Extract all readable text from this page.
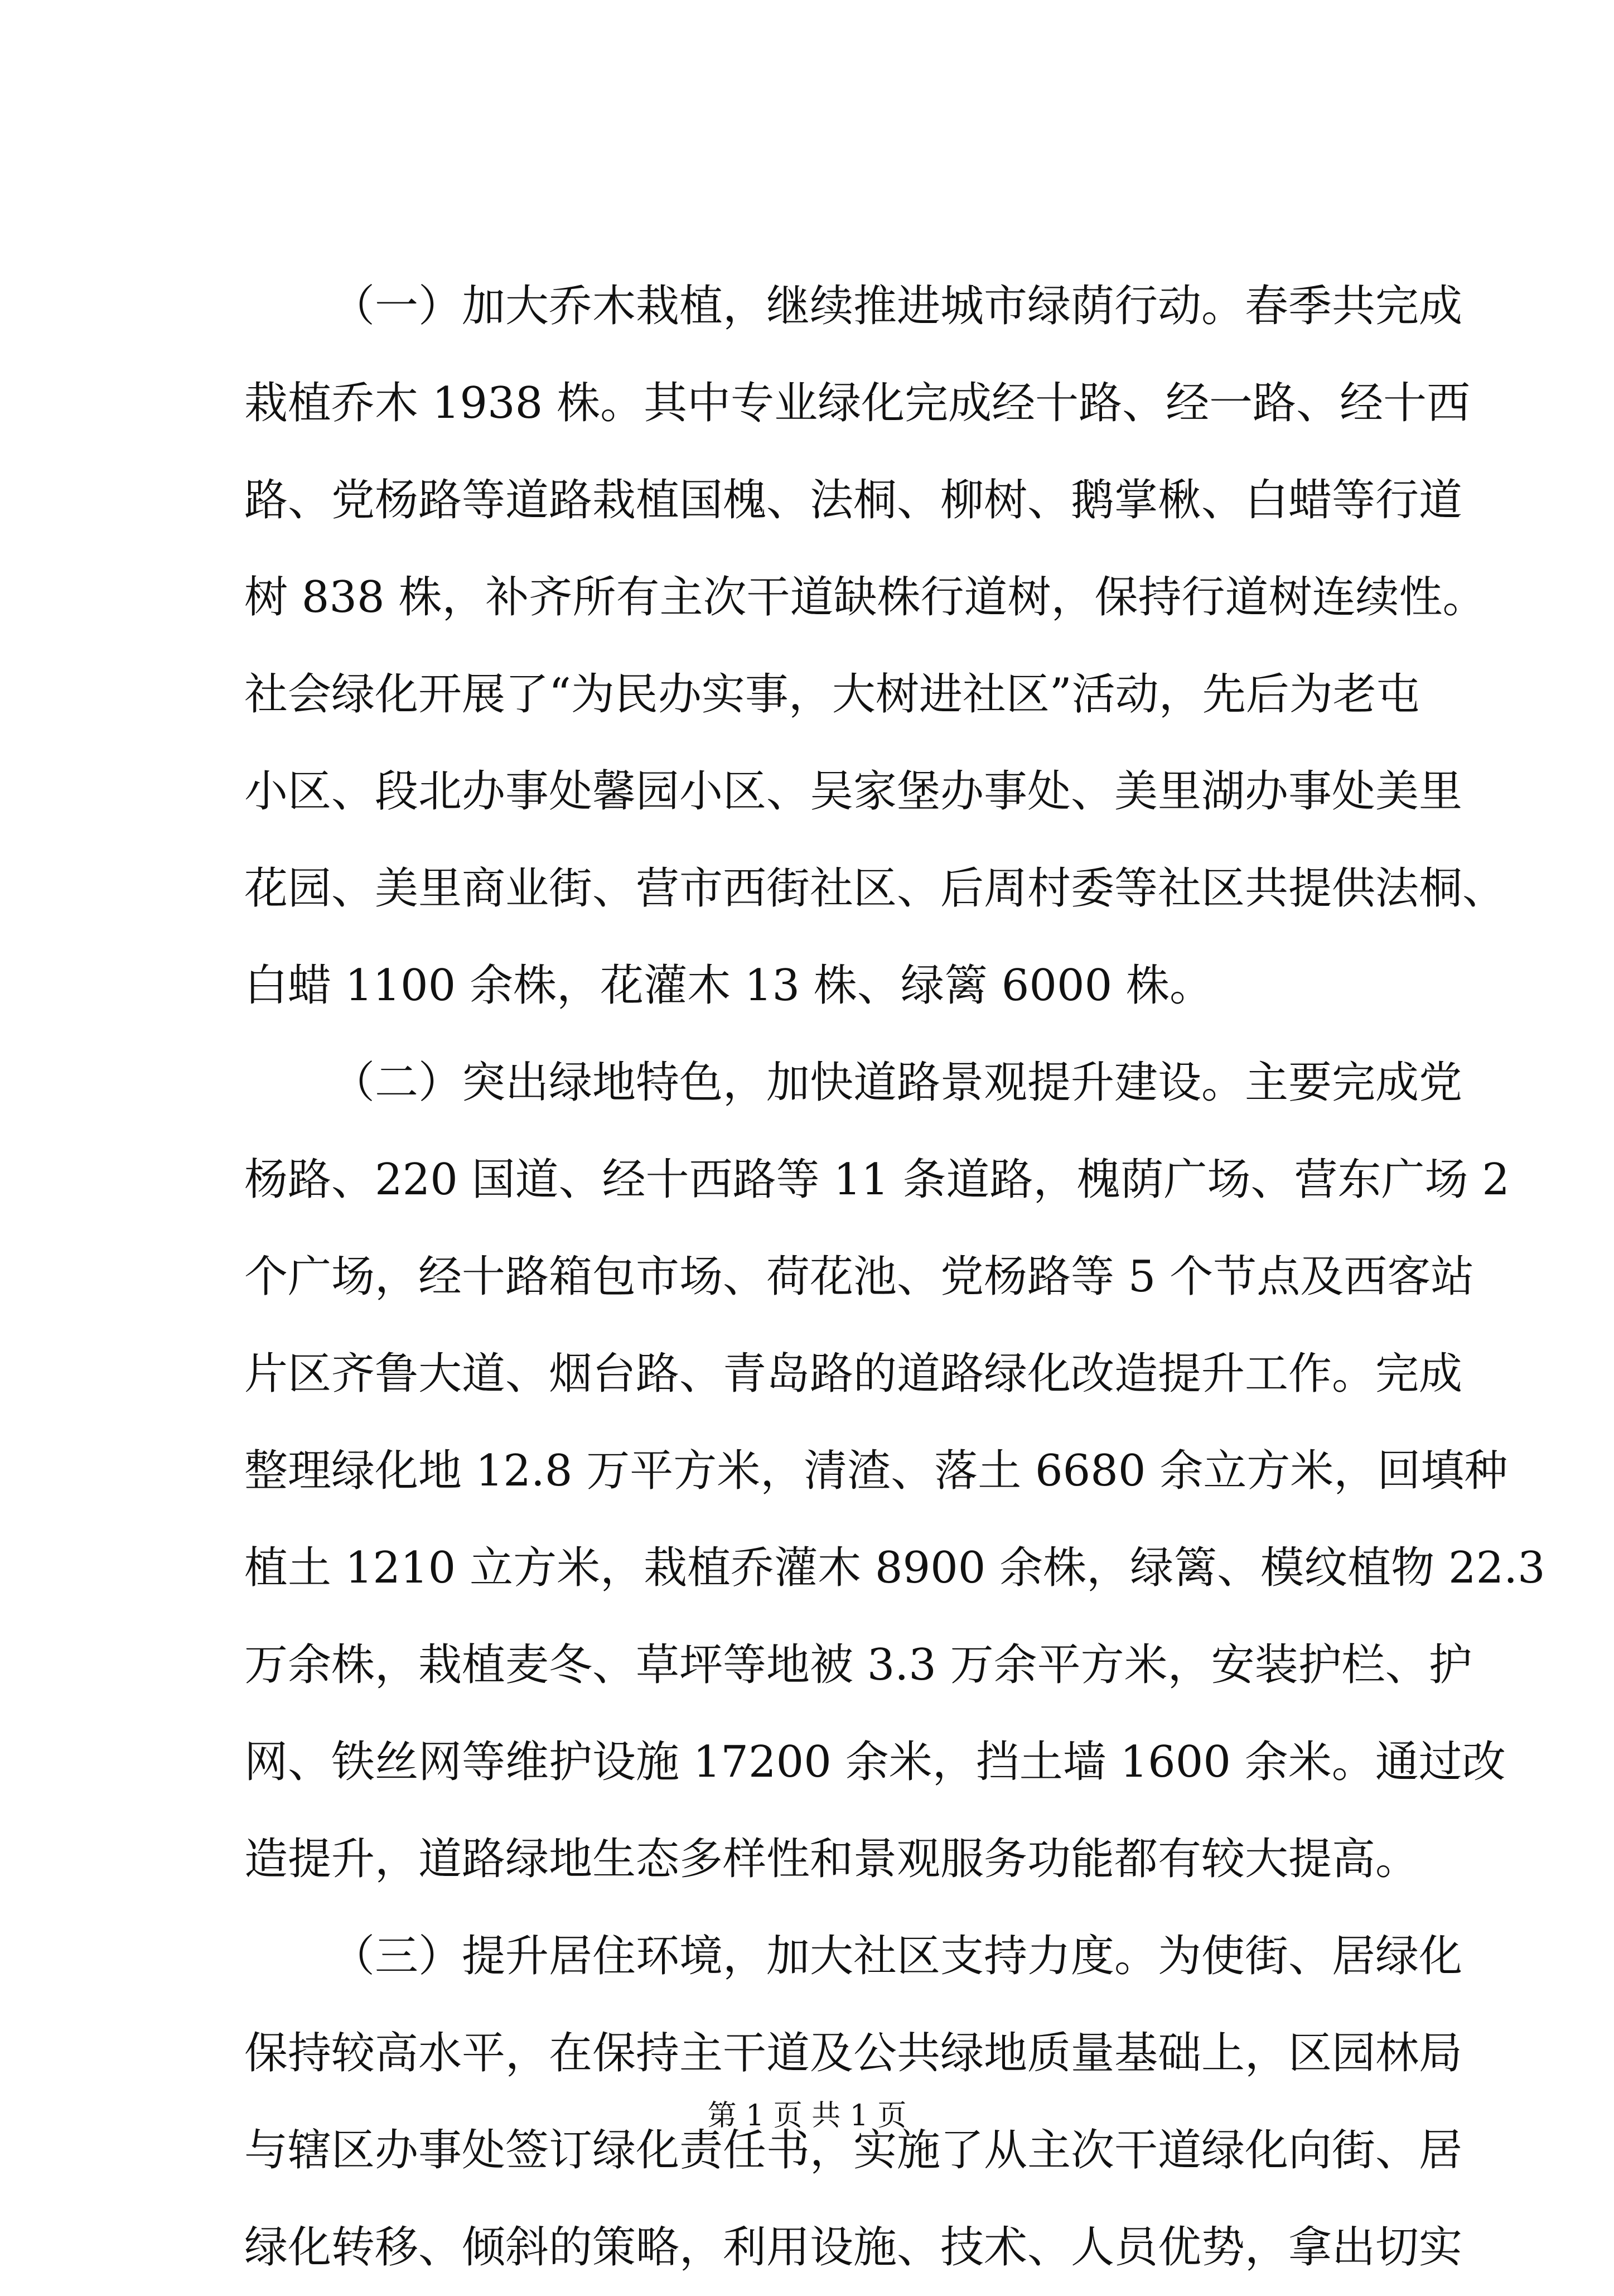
（一）加大乔木栽植，继续推进城市绿荫行动。春季共完成
栽植乔木 1938 株。其中专业绿化完成经十路、经一路、经十西
路、党杨路等道路栽植国槐、法桐、柳树、鹅掌楸、白蜡等行道
树 838 株，补齐所有主次干道缺株行道树，保持行道树连续性。
社会绿化开展了“为民办实事，大树进社区”活动，先后为老屯
小区、段北办事处馨园小区、吴家堡办事处、美里湖办事处美里
花园、美里商业街、营市西街社区、后周村委等社区共提供法桐、
白蜡 1100 余株，花灌木 13 株、绿篱 6000 株。
（二）突出绿地特色，加快道路景观提升建设。主要完成党
杨路、220 国道、经十西路等 11 条道路，槐荫广场、营东广场 2
个广场，经十路箱包市场、荷花池、党杨路等 5 个节点及西客站
片区齐鲁大道、烟台路、青岛路的道路绿化改造提升工作。完成
整理绿化地 12.8 万平方米，清渣、落土 6680 余立方米，回填种
植土 1210 立方米，栽植乔灌木 8900 余株，绿篱、模纹植物 22.3
万余株，栽植麦冬、草坪等地被 3.3 万余平方米，安装护栏、护
网、铁丝网等维护设施 17200 余米，挡土墙 1600 余米。通过改
造提升，道路绿地生态多样性和景观服务功能都有较大提高。
（三）提升居住环境，加大社区支持力度。为使街、居绿化
保持较高水平，在保持主干道及公共绿地质量基础上，区园林局
与辖区办事处签订绿化责任书，实施了从主次干道绿化向街、居
绿化转移、倾斜的策略，利用设施、技术、人员优势，拿出切实
第 1 页 共 1 页
